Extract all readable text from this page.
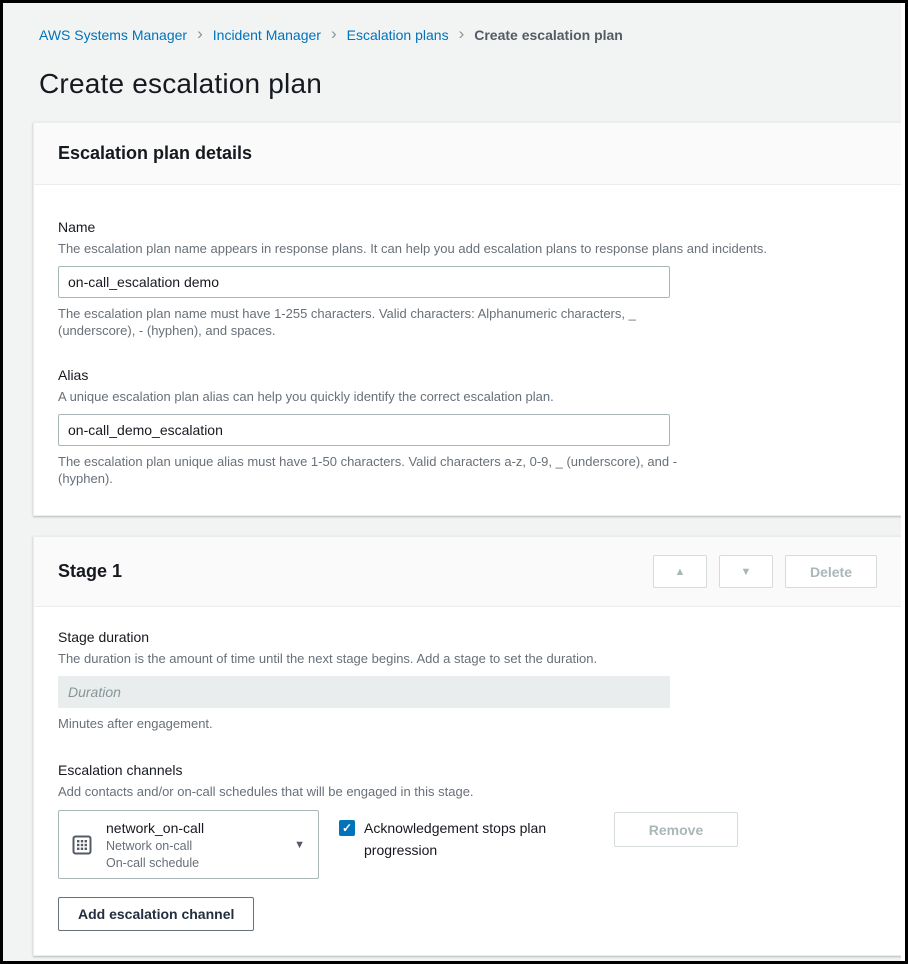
AWS Systems Manager › Incident Manager › Escalation plans › Create escalation plan
Create escalation plan
Escalation plan details
Name
The escalation plan name appears in response plans. It can help you add escalation plans to response plans and incidents.
on-call_escalation demo
The escalation plan name must have 1-255 characters. Valid characters: Alphanumeric characters, _ (underscore), - (hyphen), and spaces.
Alias
A unique escalation plan alias can help you quickly identify the correct escalation plan.
on-call_demo_escalation
The escalation plan unique alias must have 1-50 characters. Valid characters a-z, 0-9, _ (underscore), and - (hyphen).
Stage 1	▲	▼	Delete
Stage duration
The duration is the amount of time until the next stage begins. Add a stage to set the duration.
Duration
Minutes after engagement.
Escalation channels
Add contacts and/or on-call schedules that will be engaged in this stage.
network_on-call
Network on-call
On-call schedule
▼
✓ Acknowledgement stops plan progression
Remove
Add escalation channel
